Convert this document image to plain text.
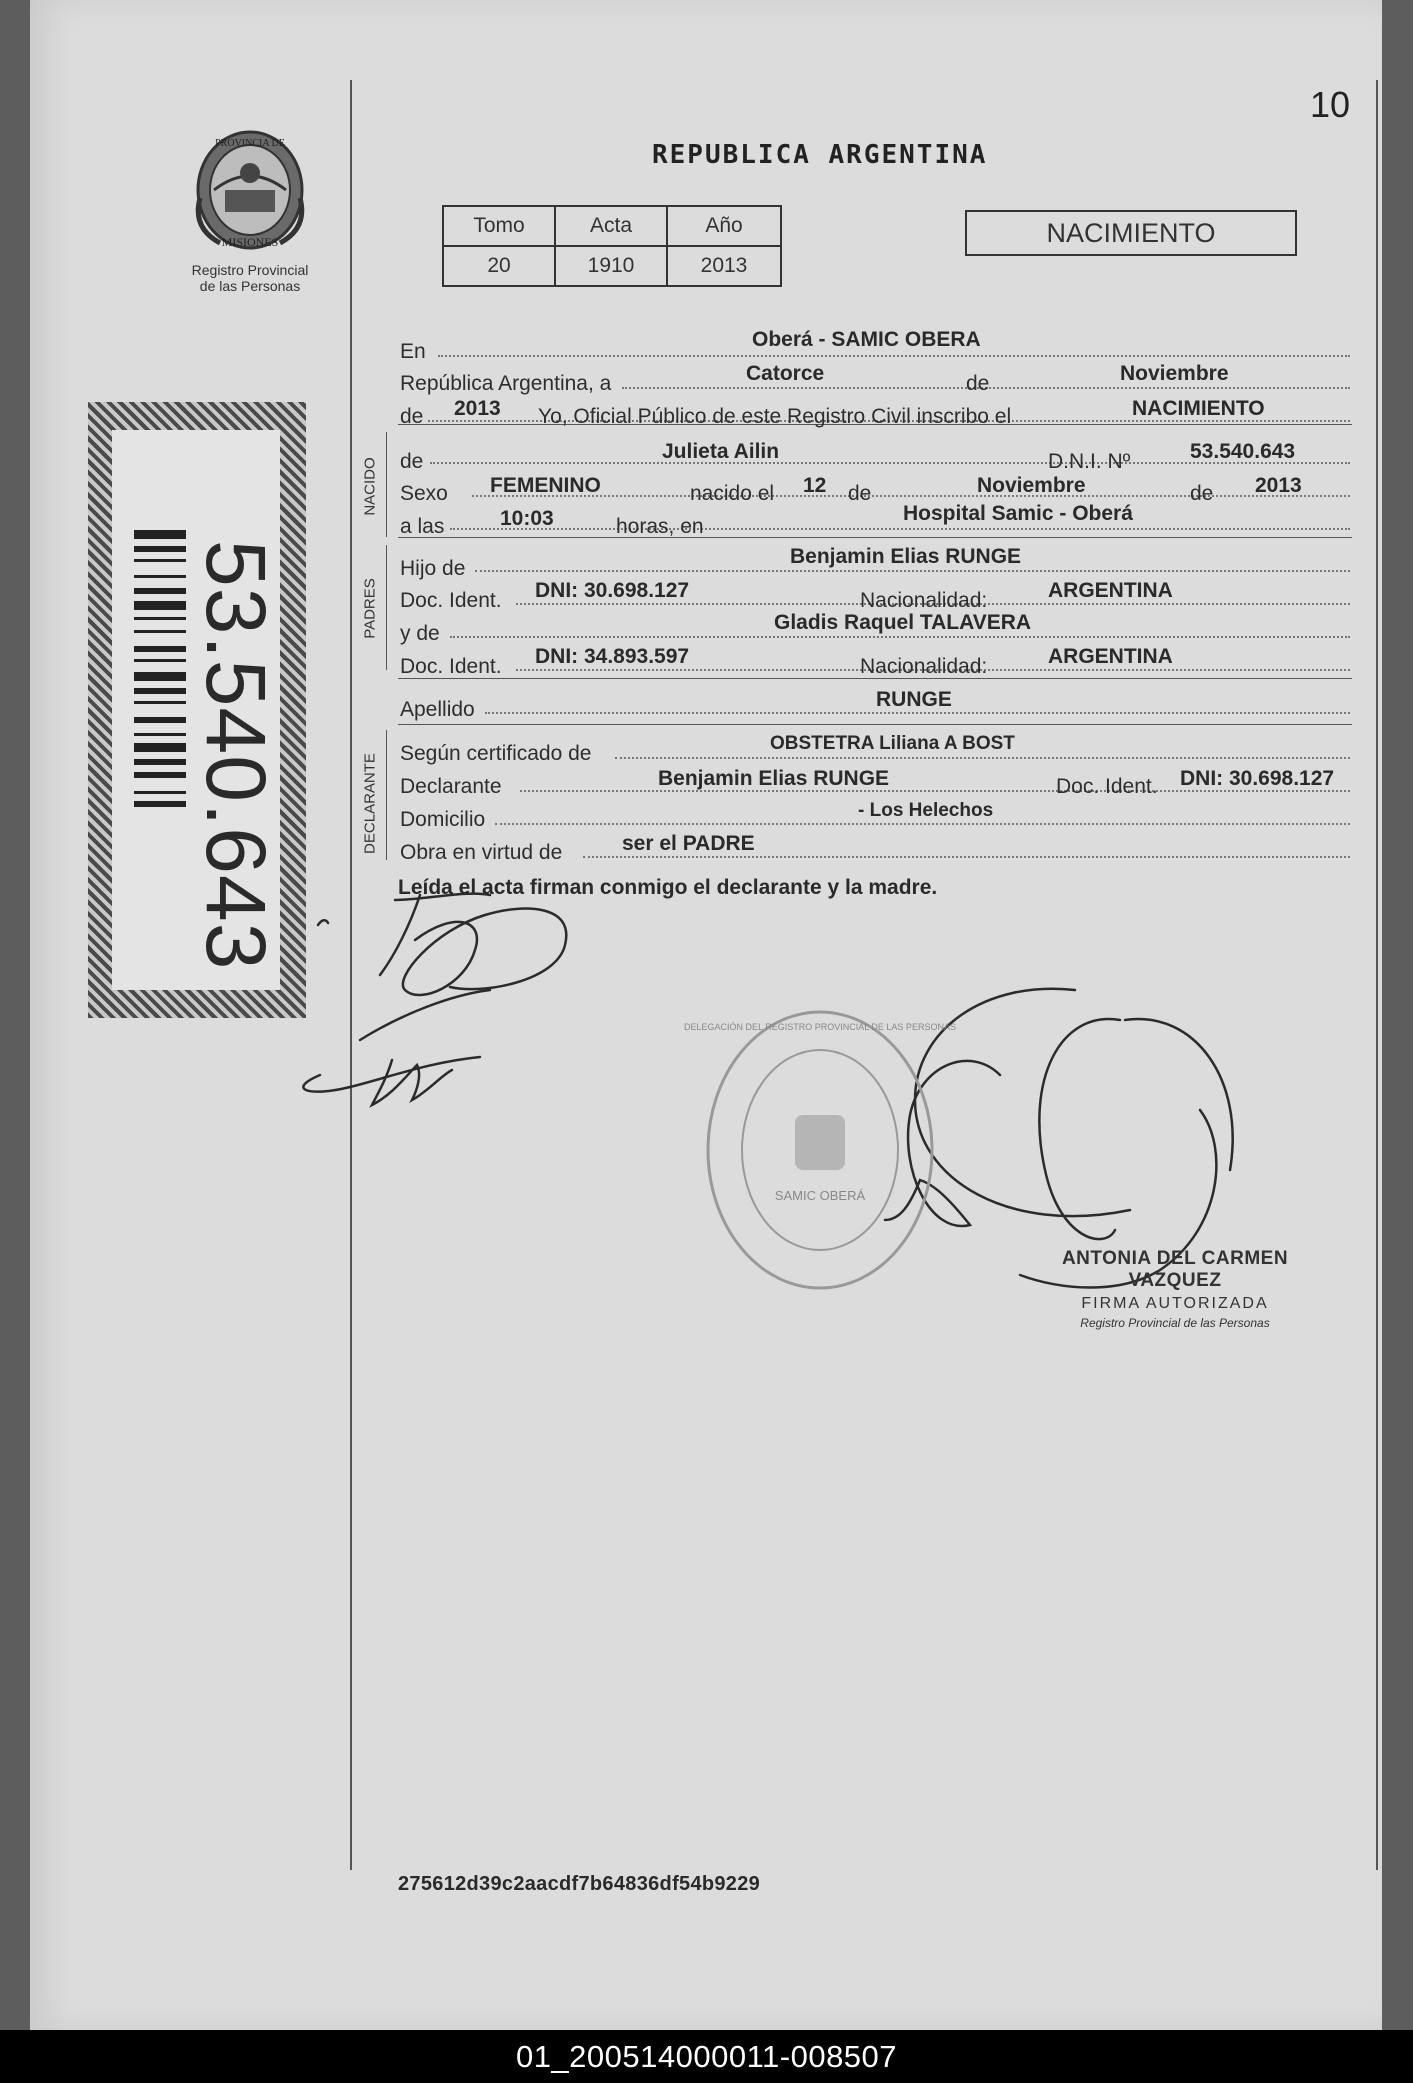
10
REPUBLICA ARGENTINA
PROVINCIA DE
MISIONES
Registro Provincial
de las Personas
Tomo	Acta	Año
20	1910	2013
NACIMIENTO
53.540.643
NACIDO
PADRES
DECLARANTE
En
Oberá - SAMIC OBERA
República Argentina, a	Catorce	de	Noviembre
de 2013 Yo, Oficial Público de este Registro Civil inscribo el	NACIMIENTO
de	Julieta Ailin	D.N.I. Nº	53.540.643
Sexo FEMENINO	nacido el 12 de	Noviembre	de 2013
a las	10:03	horas, en
Hospital Samic - Oberá
Hijo de
Benjamin Elias RUNGE
Doc. Ident. DNI: 30.698.127	Nacionalidad:	ARGENTINA
y de	Gladis Raquel TALAVERA
Doc. Ident. DNI: 34.893.597	Nacionalidad:	ARGENTINA
Apellido	RUNGE
Según certificado de	OBSTETRA Liliana A BOST
Declarante	Benjamin Elias RUNGE	Doc. Ident. DNI: 30.698.127
Domicilio	- Los Helechos
Obra en virtud de	ser el PADRE
Leída el acta firman conmigo el declarante y la madre.
SAMIC OBERÁ
DELEGACIÓN DEL REGISTRO PROVINCIAL DE LAS PERSONAS
ANTONIA DEL CARMEN VAZQUEZ
FIRMA AUTORIZADA
Registro Provincial de las Personas
275612d39c2aacdf7b64836df54b9229
01_200514000011-008507
